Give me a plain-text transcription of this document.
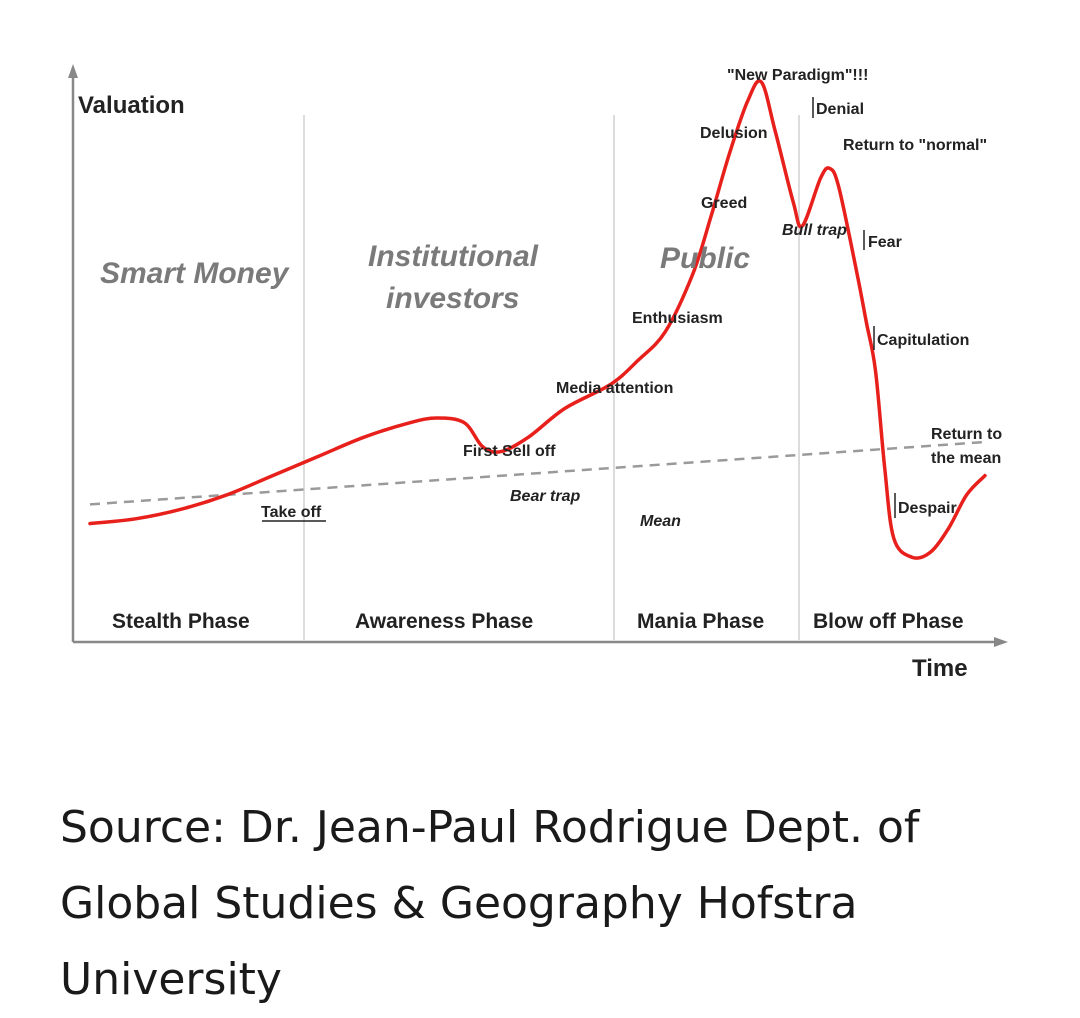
Valuation
Time
Smart Money
Institutional
investors
Public
Stealth Phase	Awareness Phase	Mania Phase Blow off Phase
Take off
First Sell off
Bear trap
Mean
Media attention
Enthusiasm
Greed
Delusion
"New Paradigm"!!!
Denial
Return to "normal"
Bull trap
Fear
Capitulation
Return to
the mean
Despair

Source: Dr. Jean-Paul Rodrigue Dept. of Global Studies & Geography Hofstra University
